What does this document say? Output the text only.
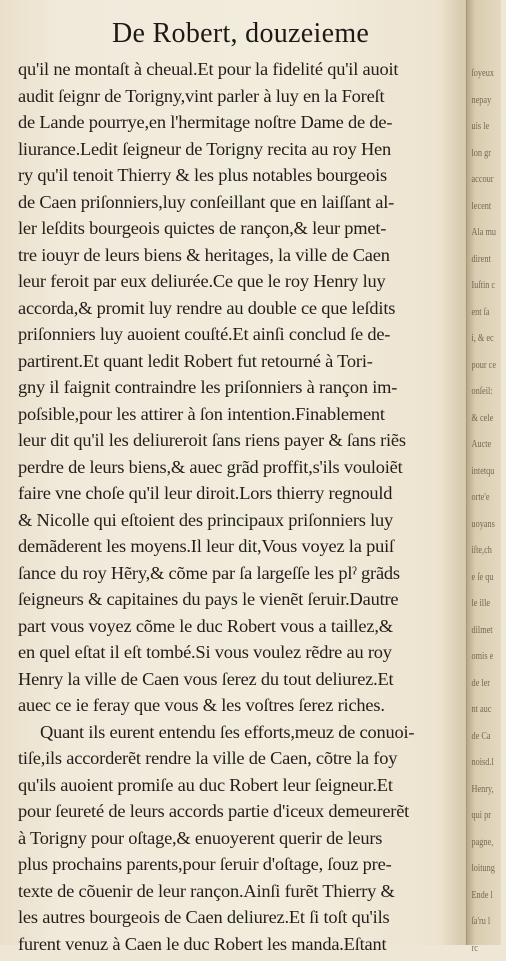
De Robert, douzeieme
qu'il ne montaſt à cheual.Et pour la fidelité qu'il auoit
audit ſeignr de Torigny,vint parler à luy en la Foreſt
de Lande pourrye,en l'hermitage noſtre Dame de de-
liurance.Ledit ſeigneur de Torigny recita au roy Hen
ry qu'il tenoit Thierry & les plus notables bourgeois
de Caen priſonniers,luy conſeillant que en laiſſant al-
ler leſdits bourgeois quictes de rançon,& leur pmet-
tre iouyr de leurs biens & heritages, la ville de Caen
leur feroit par eux deliurée.Ce que le roy Henry luy
accorda,& promit luy rendre au double ce que leſdits
priſonniers luy auoient couſté.Et ainſi conclud ſe de-
partirent.Et quant ledit Robert fut retourné à Tori-
gny il faignit contraindre les priſonniers à rançon im-
poſsible,pour les attirer à ſon intention.Finablement
leur dit qu'il les deliureroit ſans riens payer & ſans riẽs
perdre de leurs biens,& auec grãd proffit,s'ils vouloiẽt
faire vne choſe qu'il leur diroit.Lors thierry regnould
& Nicolle qui eſtoient des principaux priſonniers luy
demãderent les moyens.Il leur dit,Vous voyez la puiſ
ſance du roy Hẽry,& cõme par ſa largeſſe les plˀ grãds
ſeigneurs & capitaines du pays le vienẽt ſeruir.Dautre
part vous voyez cõme le duc Robert vous a taillez,&
en quel eſtat il eſt tombé.Si vous voulez rẽdre au roy
Henry la ville de Caen vous ſerez du tout deliurez.Et
auec ce ie feray que vous & les voſtres ſerez riches.
Quant ils eurent entendu ſes efforts,meuz de conuoi-
tiſe,ils accorderẽt rendre la ville de Caen, cõtre la foy
qu'ils auoient promiſe au duc Robert leur ſeigneur.Et
pour ſeureté de leurs accords partie d'iceux demeurerẽt
à Torigny pour oſtage,& enuoyerent querir de leurs
plus prochains parents,pour ſeruir d'oſtage, ſouz pre-
texte de cõuenir de leur rançon.Ainſi furẽt Thierry &
les autres bourgeois de Caen deliurez.Et ſi toſt qu'ils
furent venuz à Caen le duc Robert les manda.Eſtant
ſoyeux
nepay
uis le
lon gr
accour
lecent
Ala mu
dirent
Iuſtin c
ent ſa
i, & ec
pour ce
onſeil:
& cele
Aucte
intetqu
orte'e
uoyans
iſte,ch
e ſe qu
le ille
dilmet
omis e
de ler
nt auc
de Ca
noisd.l
Henry,
qui pr
pagne,
loitung
Ende l
ſa'ru l
rc
